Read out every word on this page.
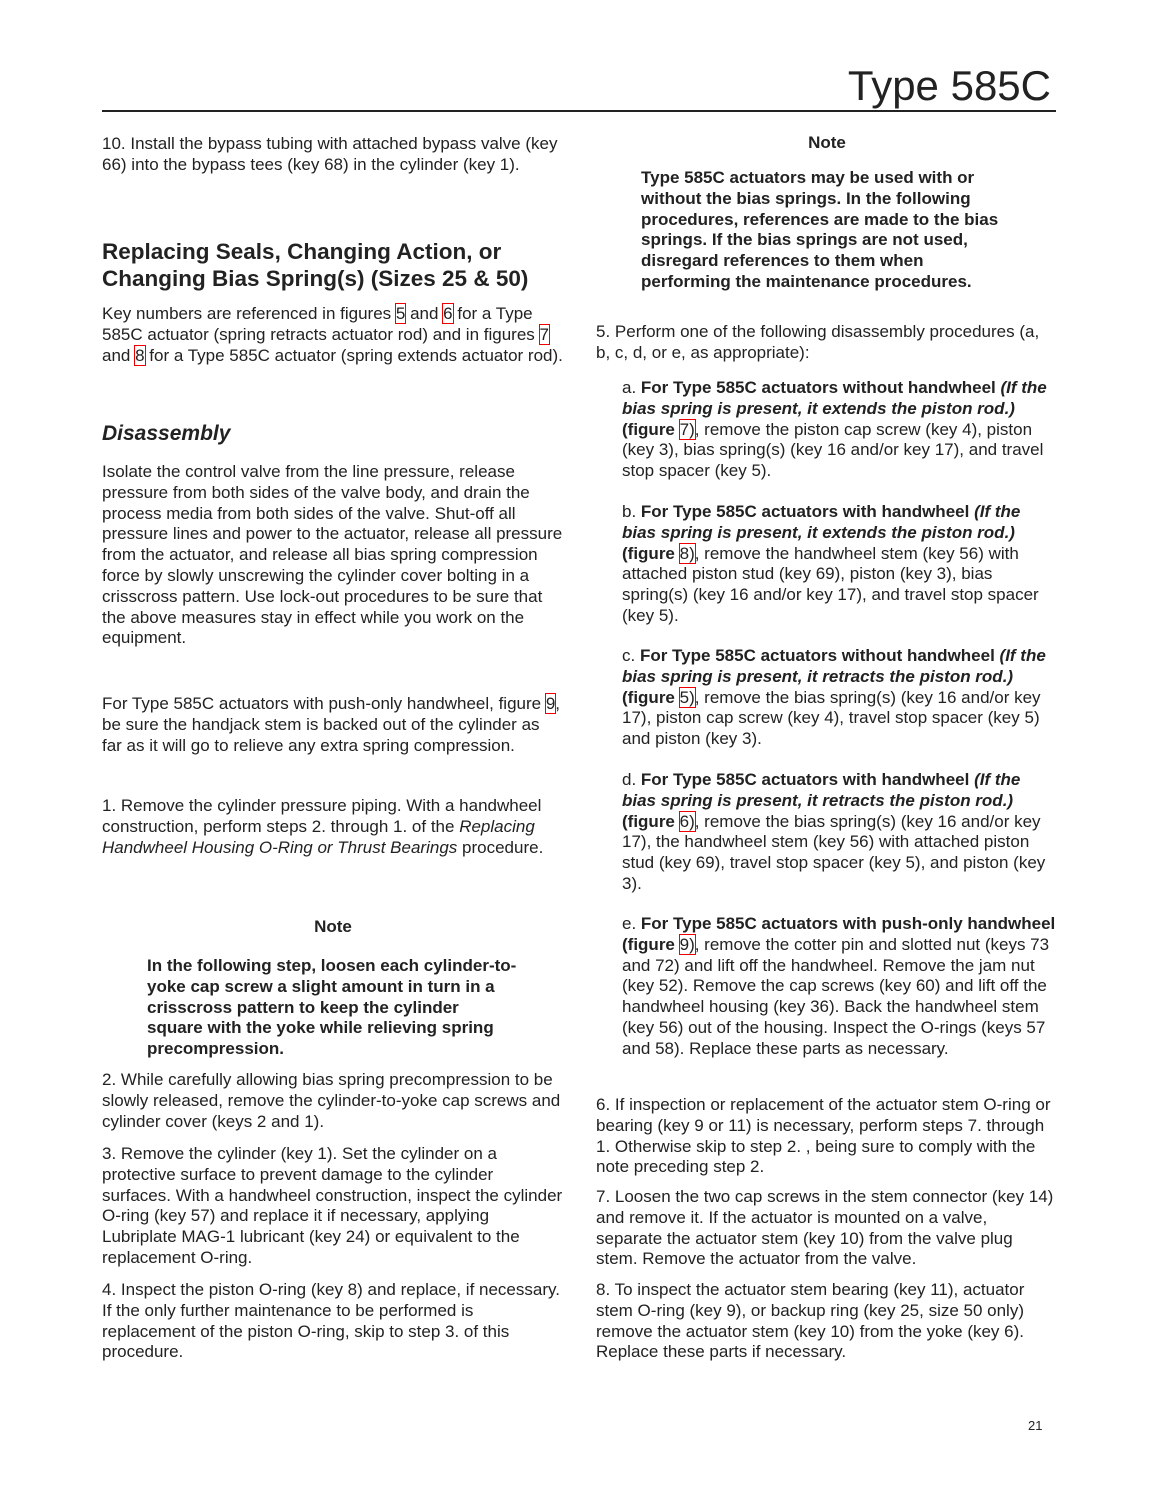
Type 585C
10. Install the bypass tubing with attached bypass valve (key 66) into the bypass tees (key 68) in the cylinder (key 1).
Replacing Seals, Changing Action, or Changing Bias Spring(s) (Sizes 25 & 50)
Key numbers are referenced in figures 5 and 6 for a Type 585C actuator (spring retracts actuator rod) and in figures 7 and 8 for a Type 585C actuator (spring extends actuator rod).
Disassembly
Isolate the control valve from the line pressure, release pressure from both sides of the valve body, and drain the process media from both sides of the valve. Shut-off all pressure lines and power to the actuator, release all pressure from the actuator, and release all bias spring compression force by slowly unscrewing the cylinder cover bolting in a crisscross pattern. Use lock-out procedures to be sure that the above measures stay in effect while you work on the equipment.
For Type 585C actuators with push-only handwheel, figure 9, be sure the handjack stem is backed out of the cylinder as far as it will go to relieve any extra spring compression.
1. Remove the cylinder pressure piping. With a handwheel construction, perform steps 2. through 1. of the Replacing Handwheel Housing O-Ring or Thrust Bearings procedure.
Note
In the following step, loosen each cylinder-to-yoke cap screw a slight amount in turn in a crisscross pattern to keep the cylinder square with the yoke while relieving spring precompression.
2. While carefully allowing bias spring precompression to be slowly released, remove the cylinder-to-yoke cap screws and cylinder cover (keys 2 and 1).
3. Remove the cylinder (key 1). Set the cylinder on a protective surface to prevent damage to the cylinder surfaces. With a handwheel construction, inspect the cylinder O-ring (key 57) and replace it if necessary, applying Lubriplate MAG-1 lubricant (key 24) or equivalent to the replacement O-ring.
4. Inspect the piston O-ring (key 8) and replace, if necessary. If the only further maintenance to be performed is replacement of the piston O-ring, skip to step 3. of this procedure.
Note
Type 585C actuators may be used with or without the bias springs. In the following procedures, references are made to the bias springs. If the bias springs are not used, disregard references to them when performing the maintenance procedures.
5. Perform one of the following disassembly procedures (a, b, c, d, or e, as appropriate):
a. For Type 585C actuators without handwheel (If the bias spring is present, it extends the piston rod.) (figure 7), remove the piston cap screw (key 4), piston (key 3), bias spring(s) (key 16 and/or key 17), and travel stop spacer (key 5).
b. For Type 585C actuators with handwheel (If the bias spring is present, it extends the piston rod.) (figure 8), remove the handwheel stem (key 56) with attached piston stud (key 69), piston (key 3), bias spring(s) (key 16 and/or key 17), and travel stop spacer (key 5).
c. For Type 585C actuators without handwheel (If the bias spring is present, it retracts the piston rod.) (figure 5), remove the bias spring(s) (key 16 and/or key 17), piston cap screw (key 4), travel stop spacer (key 5) and piston (key 3).
d. For Type 585C actuators with handwheel (If the bias spring is present, it retracts the piston rod.) (figure 6), remove the bias spring(s) (key 16 and/or key 17), the handwheel stem (key 56) with attached piston stud (key 69), travel stop spacer (key 5), and piston (key 3).
e. For Type 585C actuators with push-only handwheel (figure 9), remove the cotter pin and slotted nut (keys 73 and 72) and lift off the handwheel. Remove the jam nut (key 52). Remove the cap screws (key 60) and lift off the handwheel housing (key 36). Back the handwheel stem (key 56) out of the housing. Inspect the O-rings (keys 57 and 58). Replace these parts as necessary.
6. If inspection or replacement of the actuator stem O-ring or bearing (key 9 or 11) is necessary, perform steps 7. through 1. Otherwise skip to step 2. , being sure to comply with the note preceding step 2.
7. Loosen the two cap screws in the stem connector (key 14) and remove it. If the actuator is mounted on a valve, separate the actuator stem (key 10) from the valve plug stem. Remove the actuator from the valve.
8. To inspect the actuator stem bearing (key 11), actuator stem O-ring (key 9), or backup ring (key 25, size 50 only) remove the actuator stem (key 10) from the yoke (key 6). Replace these parts if necessary.
21
